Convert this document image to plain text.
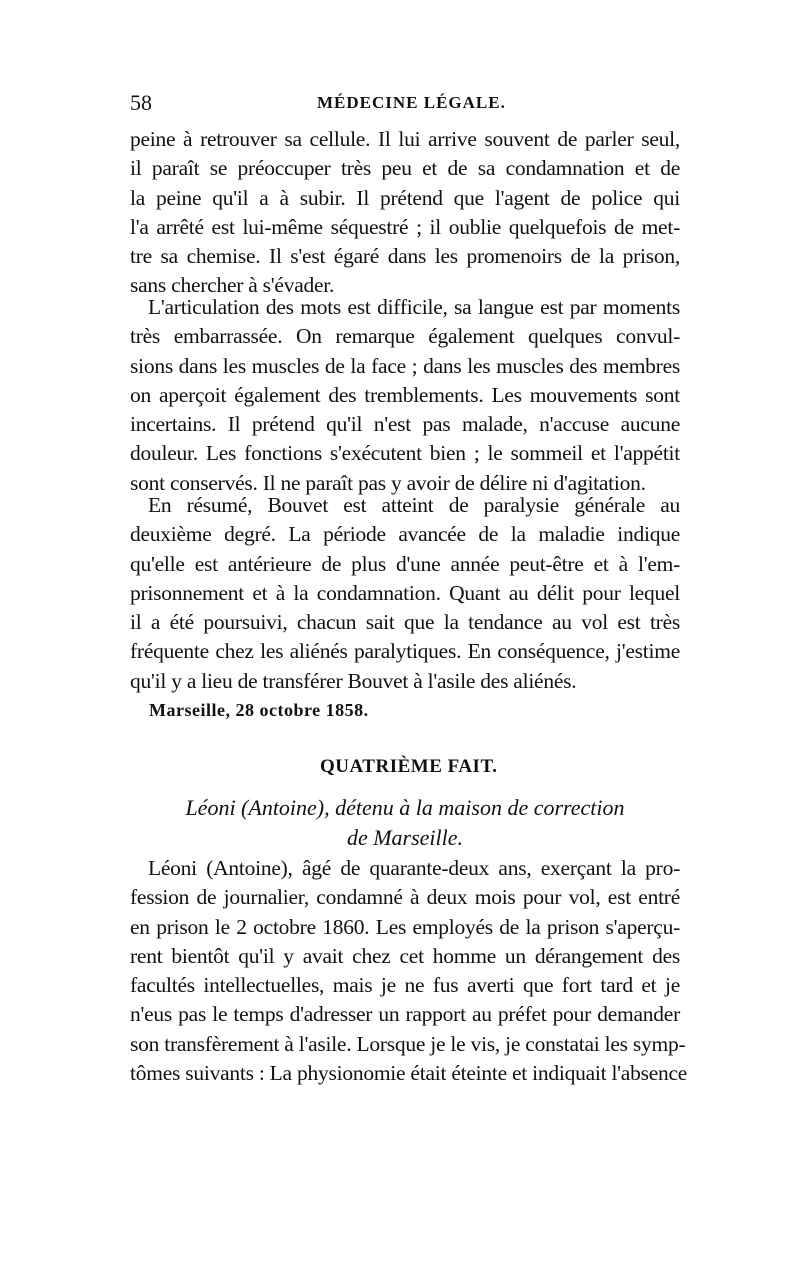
58	MÉDECINE LÉGALE.
peine à retrouver sa cellule. Il lui arrive souvent de parler seul,
il paraît se préoccuper très peu et de sa condamnation et de
la peine qu'il a à subir. Il prétend que l'agent de police qui
l'a arrêté est lui-même séquestré ; il oublie quelquefois de met-
tre sa chemise. Il s'est égaré dans les promenoirs de la prison,
sans chercher à s'évader.
L'articulation des mots est difficile, sa langue est par moments
très embarrassée. On remarque également quelques convul-
sions dans les muscles de la face ; dans les muscles des membres
on aperçoit également des tremblements. Les mouvements sont
incertains. Il prétend qu'il n'est pas malade, n'accuse aucune
douleur. Les fonctions s'exécutent bien ; le sommeil et l'appétit
sont conservés. Il ne paraît pas y avoir de délire ni d'agitation.
En résumé, Bouvet est atteint de paralysie générale au
deuxième degré. La période avancée de la maladie indique
qu'elle est antérieure de plus d'une année peut-être et à l'em-
prisonnement et à la condamnation. Quant au délit pour lequel
il a été poursuivi, chacun sait que la tendance au vol est très
fréquente chez les aliénés paralytiques. En conséquence, j'estime
qu'il y a lieu de transférer Bouvet à l'asile des aliénés.
Marseille, 28 octobre 1858.
QUATRIÈME FAIT.
Léoni (Antoine), détenu à la maison de correction
de Marseille.
Léoni (Antoine), âgé de quarante-deux ans, exerçant la pro-
fession de journalier, condamné à deux mois pour vol, est entré
en prison le 2 octobre 1860. Les employés de la prison s'aperçu-
rent bientôt qu'il y avait chez cet homme un dérangement des
facultés intellectuelles, mais je ne fus averti que fort tard et je
n'eus pas le temps d'adresser un rapport au préfet pour demander
son transfèrement à l'asile. Lorsque je le vis, je constatai les symp-
tômes suivants : La physionomie était éteinte et indiquait l'absence
